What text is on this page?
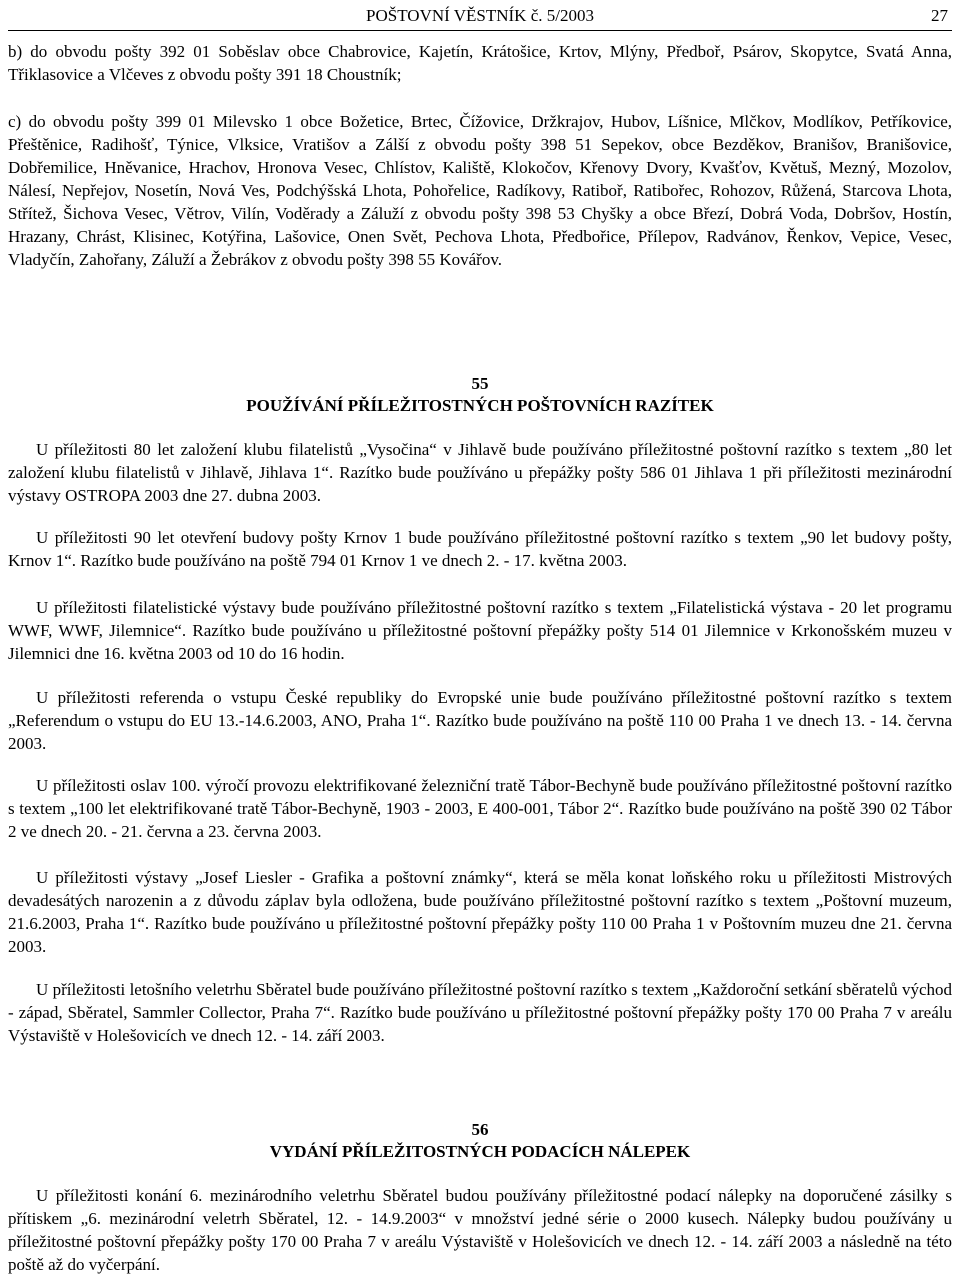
POŠTOVNÍ VĚSTNÍK č. 5/2003	27

b) do obvodu pošty 392 01 Soběslav obce Chabrovice, Kajetín, Krátošice, Krtov, Mlýny, Předboř, Psárov, Skopytce, Svatá Anna, Třiklasovice a Vlčeves z obvodu pošty 391 18 Choustník;

c) do obvodu pošty 399 01 Milevsko 1 obce Božetice, Brtec, Čížovice, Držkrajov, Hubov, Líšnice, Mlčkov, Modlíkov, Petříkovice, Přeštěnice, Radihošť, Týnice, Vlksice, Vratišov a Zálší z obvodu pošty 398 51 Sepekov, obce Bezděkov, Branišov, Branišovice, Dobřemilice, Hněvanice, Hrachov, Hronova Vesec, Chlístov, Kaliště, Klokočov, Křenovy Dvory, Kvašťov, Květuš, Mezný, Mozolov, Nálesí, Nepřejov, Nosetín, Nová Ves, Podchýšská Lhota, Pohořelice, Radíkovy, Ratiboř, Ratibořec, Rohozov, Růžená, Starcova Lhota, Střítež, Šichova Vesec, Větrov, Vilín, Voděrady a Záluží z obvodu pošty 398 53 Chyšky a obce Březí, Dobrá Voda, Dobršov, Hostín, Hrazany, Chrást, Klisinec, Kotýřina, Lašovice, Onen Svět, Pechova Lhota, Předbořice, Přílepov, Radvánov, Řenkov, Vepice, Vesec, Vladyčín, Zahořany, Záluží a Žebrákov z obvodu pošty 398 55 Kovářov.

55

POUŽÍVÁNÍ PŘÍLEŽITOSTNÝCH POŠTOVNÍCH RAZÍTEK

U příležitosti 80 let založení klubu filatelistů „Vysočina“ v Jihlavě bude používáno příležitostné poštovní razítko s textem „80 let založení klubu filatelistů v Jihlavě, Jihlava 1“. Razítko bude používáno u přepážky pošty 586 01 Jihlava 1 při příležitosti mezinárodní výstavy OSTROPA 2003 dne 27. dubna 2003.

U příležitosti 90 let otevření budovy pošty Krnov 1 bude používáno příležitostné poštovní razítko s textem „90 let budovy pošty, Krnov 1“. Razítko bude používáno na poště 794 01 Krnov 1 ve dnech 2. - 17. května 2003.

U příležitosti filatelistické výstavy bude používáno příležitostné poštovní razítko s textem „Filatelistická výstava - 20 let programu WWF, WWF, Jilemnice“. Razítko bude používáno u příležitostné poštovní přepážky pošty 514 01 Jilemnice v Krkonošském muzeu v Jilemnici dne 16. května 2003 od 10 do 16 hodin.

U příležitosti referenda o vstupu České republiky do Evropské unie bude používáno příležitostné poštovní razítko s textem „Referendum o vstupu do EU 13.-14.6.2003, ANO, Praha 1“. Razítko bude používáno na poště 110 00 Praha 1 ve dnech 13. - 14. června 2003.

U příležitosti oslav 100. výročí provozu elektrifikované železniční tratě Tábor-Bechyně bude používáno příležitostné poštovní razítko s textem „100 let elektrifikované tratě Tábor-Bechyně, 1903 - 2003, E 400-001, Tábor 2“. Razítko bude používáno na poště 390 02 Tábor 2 ve dnech 20. - 21. června a 23. června 2003.

U příležitosti výstavy „Josef Liesler - Grafika a poštovní známky“, která se měla konat loňského roku u příležitosti Mistrových devadesátých narozenin a z důvodu záplav byla odložena, bude používáno příležitostné poštovní razítko s textem „Poštovní muzeum, 21.6.2003, Praha 1“. Razítko bude používáno u příležitostné poštovní přepážky pošty 110 00 Praha 1 v Poštovním muzeu dne 21. června 2003.

U příležitosti letošního veletrhu Sběratel bude používáno příležitostné poštovní razítko s textem „Každoroční setkání sběratelů východ - západ, Sběratel, Sammler Collector, Praha 7“. Razítko bude používáno u příležitostné poštovní přepážky pošty 170 00 Praha 7 v areálu Výstaviště v Holešovicích ve dnech 12. - 14. září 2003.

56

VYDÁNÍ PŘÍLEŽITOSTNÝCH PODACÍCH NÁLEPEK

U příležitosti konání 6. mezinárodního veletrhu Sběratel budou používány příležitostné podací nálepky na doporučené zásilky s přítiskem „6. mezinárodní veletrh Sběratel, 12. - 14.9.2003“ v množství jedné série o 2000 kusech. Nálepky budou používány u příležitostné poštovní přepážky pošty 170 00 Praha 7 v areálu Výstaviště v Holešovicích ve dnech 12. - 14. září 2003 a následně na této poště až do vyčerpání.
